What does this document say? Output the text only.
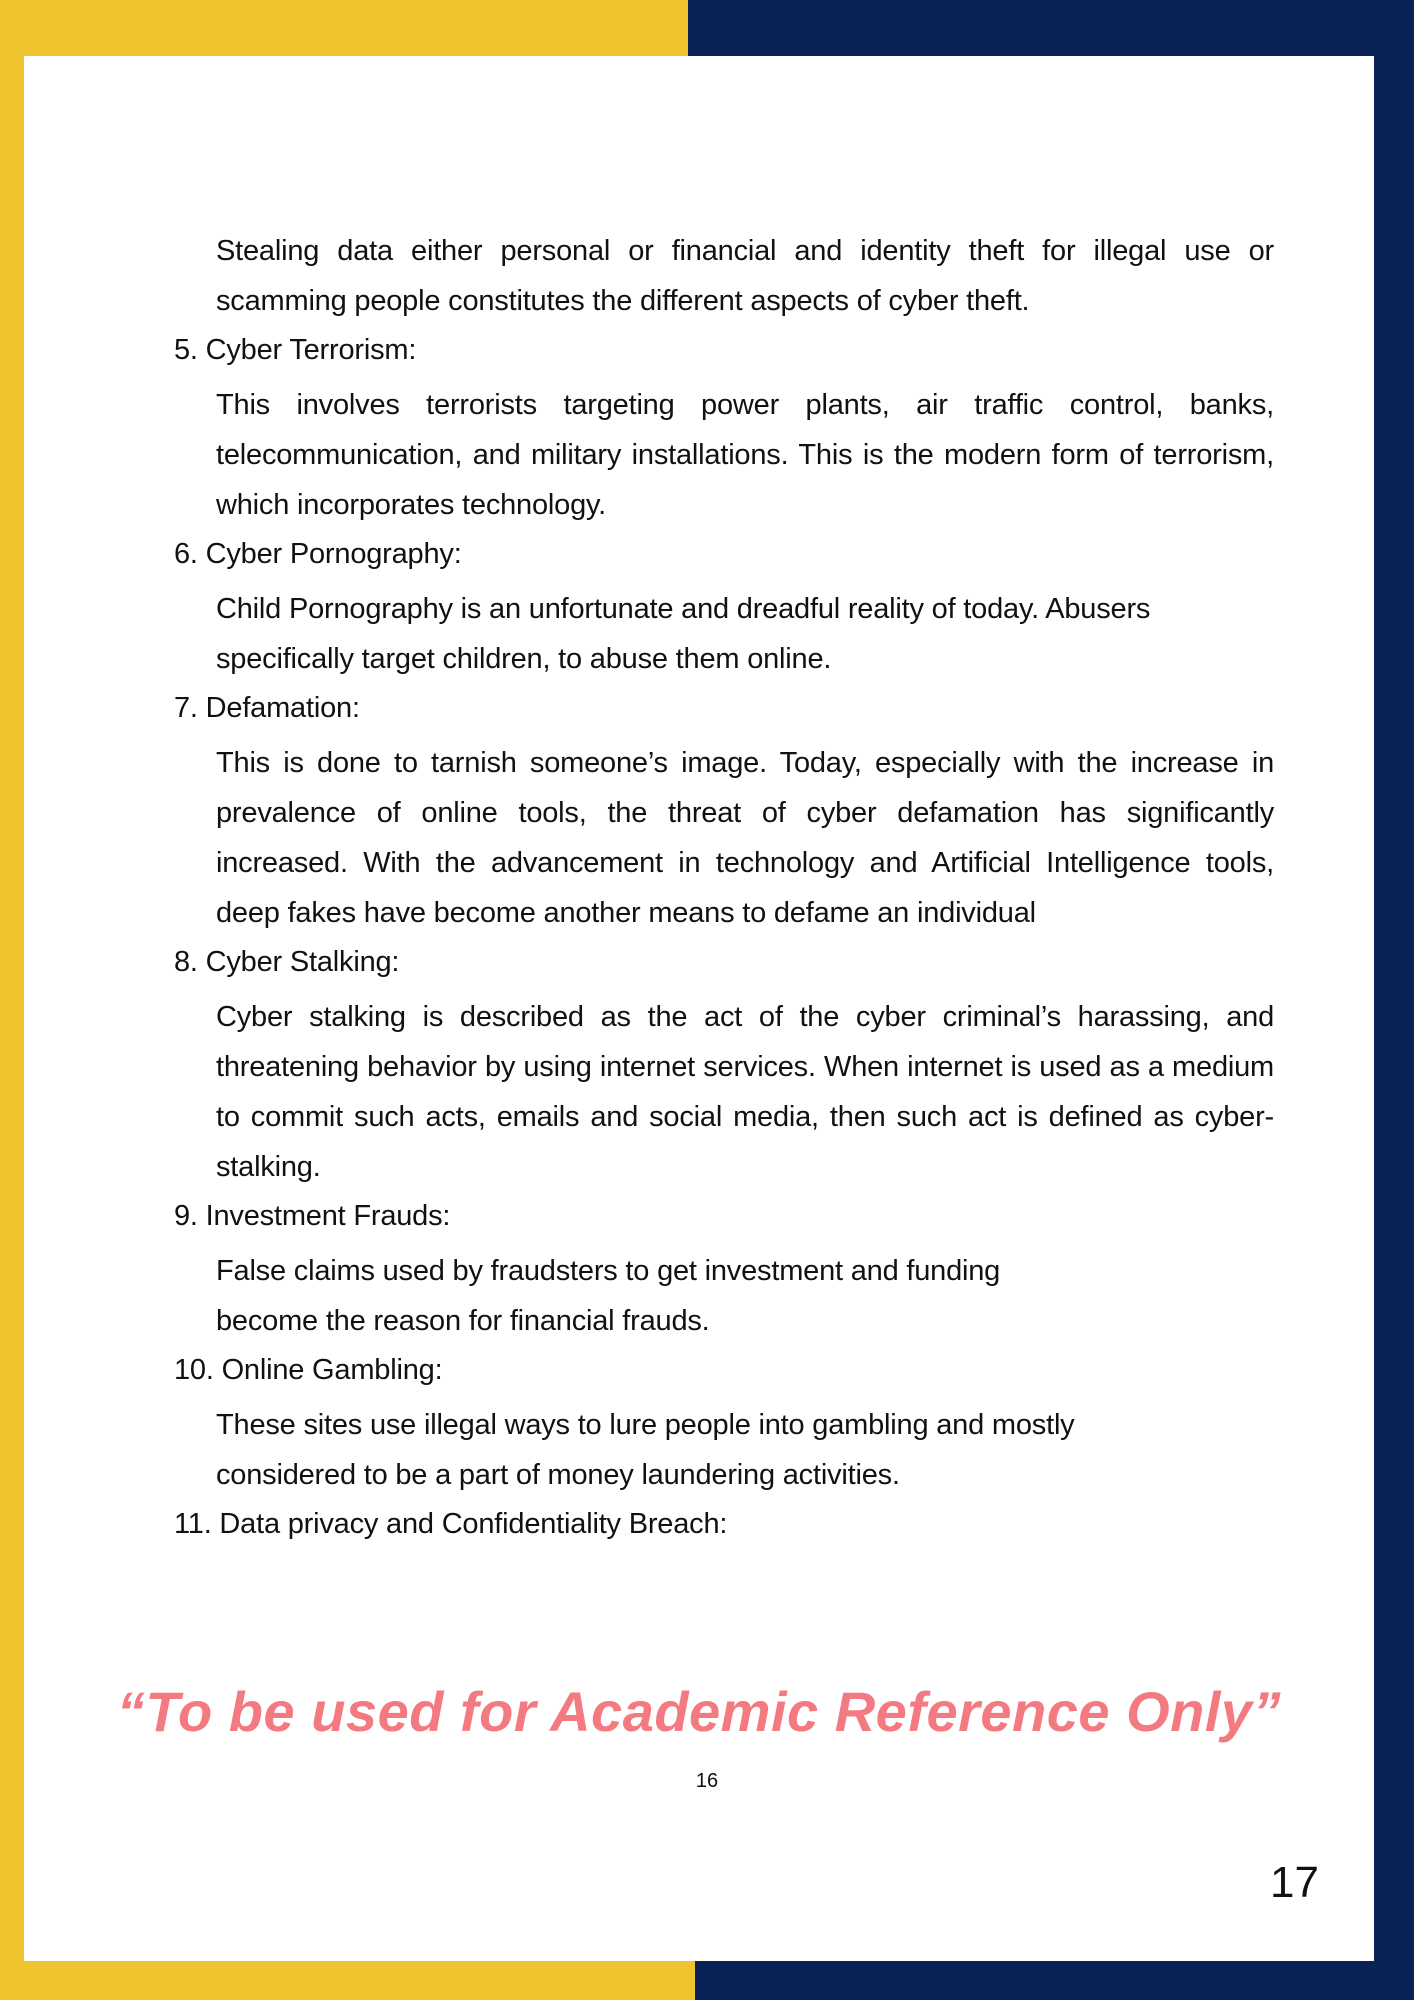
Stealing data either personal or financial and identity theft for illegal use or scamming people constitutes the different aspects of cyber theft.

5. Cyber Terrorism:

This involves terrorists targeting power plants, air traffic control, banks, telecommunication, and military installations. This is the modern form of terrorism, which incorporates technology.

6. Cyber Pornography:

Child Pornography is an unfortunate and dreadful reality of today. Abusers specifically target children, to abuse them online.

7. Defamation:

This is done to tarnish someone’s image. Today, especially with the increase in prevalence of online tools, the threat of cyber defamation has significantly increased. With the advancement in technology and Artificial Intelligence tools, deep fakes have become another means to defame an individual

8. Cyber Stalking:

Cyber stalking is described as the act of the cyber criminal’s harassing, and threatening behavior by using internet services. When internet is used as a medium to commit such acts, emails and social media, then such act is defined as cyber-stalking.

9. Investment Frauds:

False claims used by fraudsters to get investment and funding
become the reason for financial frauds.

10. Online Gambling:

These sites use illegal ways to lure people into gambling and mostly
considered to be a part of money laundering activities.

11. Data privacy and Confidentiality Breach:

“To be used for Academic Reference Only”
16
17
